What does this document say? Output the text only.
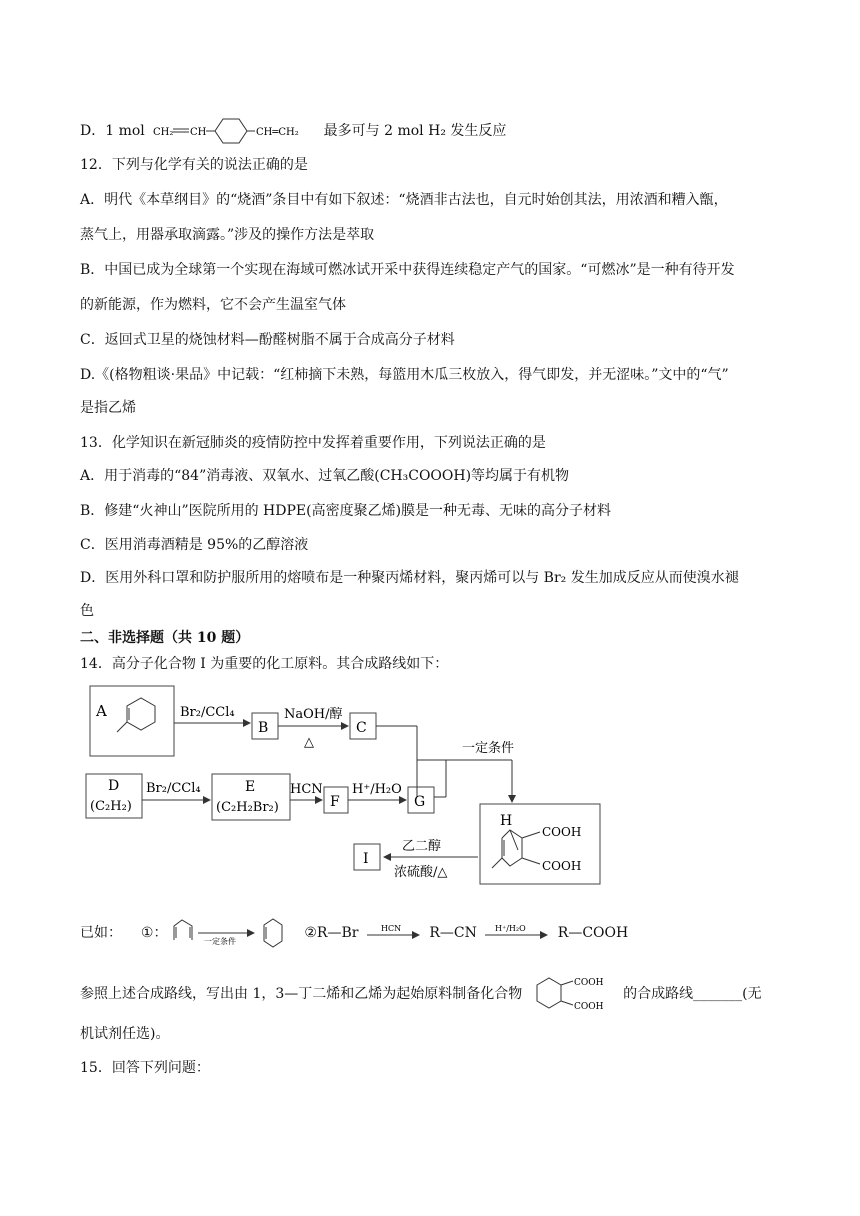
D．1 mol CH₂ CH	CH═CH₂ 最多可与 2 mol H₂ 发生反应
12．下列与化学有关的说法正确的是
A．明代《本草纲目》的“烧酒”条目中有如下叙述：“烧酒非古法也，自元时始创其法，用浓酒和糟入甑，
蒸气上，用器承取滴露。”涉及的操作方法是萃取
B．中国已成为全球第一个实现在海域可燃冰试开采中获得连续稳定产气的国家。“可燃冰”是一种有待开发
的新能源，作为燃料，它不会产生温室气体
C．返回式卫星的烧蚀材料—酚醛树脂不属于合成高分子材料
D.《(格物粗谈·果品》中记载：“红柿摘下未熟，每篮用木瓜三枚放入，得气即发，并无涩味。”文中的“气”
是指乙烯
13．化学知识在新冠肺炎的疫情防控中发挥着重要作用，下列说法正确的是
A．用于消毒的“84”消毒液、双氧水、过氧乙酸(CH₃COOOH)等均属于有机物
B．修建“火神山”医院所用的 HDPE(高密度聚乙烯)膜是一种无毒、无味的高分子材料
C．医用消毒酒精是 95%的乙醇溶液
D．医用外科口罩和防护服所用的熔喷布是一种聚丙烯材料，聚丙烯可以与 Br₂ 发生加成反应从而使溴水褪
色
二、非选择题（共 10 题）
14．高分子化合物 I 为重要的化工原料。其合成路线如下：
A	Br₂/CCl₄
B
NaOH/醇
△
C
一定条件
D
(C₂H₂)
Br₂/CCl₄	E
(C₂H₂Br₂)
HCN
F
H⁺/H₂O
G
H
COOH
COOH
乙二醇
浓硫酸/△
I
已如： ①：
一定条件
②R—Br	HCN R—CN H⁺/H₂O R—COOH
参照上述合成路线，写出由 1，3—丁二烯和乙烯为起始原料制备化合物
COOH
COOH
的合成路线_______(无
机试剂任选)。
15．回答下列问题：
